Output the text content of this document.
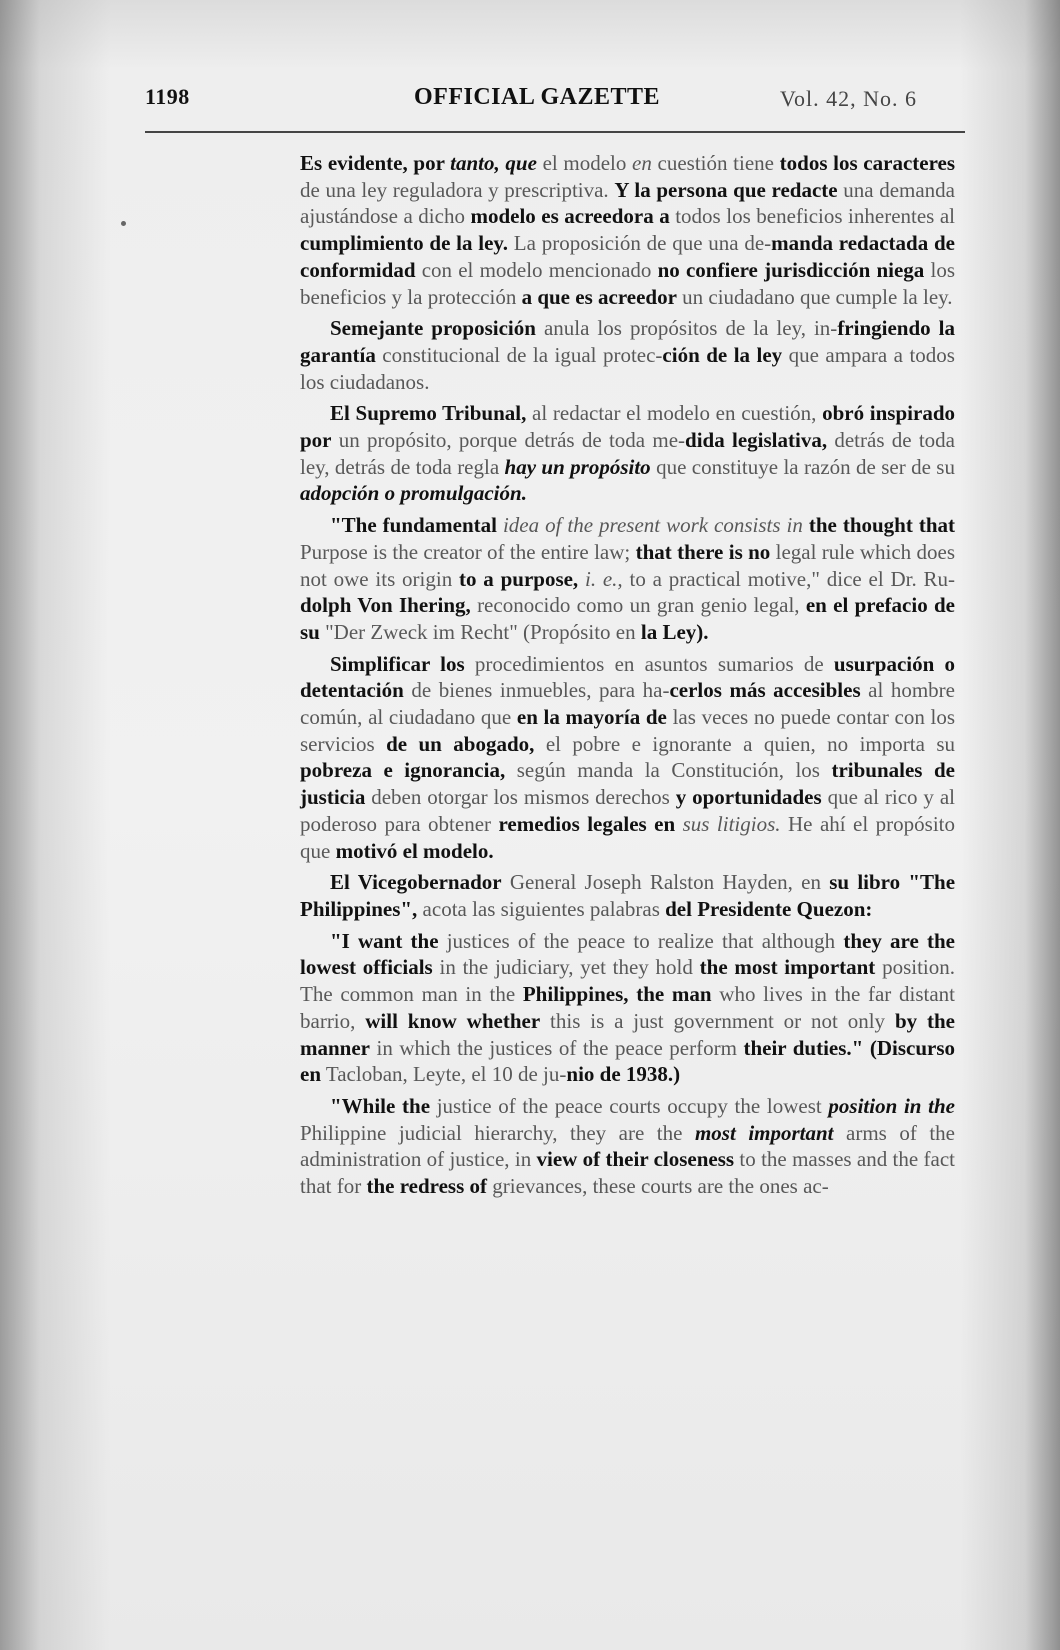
1198	OFFICIAL GAZETTE	Vol. 42, No. 6

Es evidente, por tanto, que el modelo en cuestión tiene todos los caracteres de una ley reguladora y prescriptiva. Y la persona que redacte una demanda ajustándose a dicho modelo es acreedora a todos los beneficios inherentes al cumplimiento de la ley. La proposición de que una de-manda redactada de conformidad con el modelo mencionado no confiere jurisdicción niega los beneficios y la protección a que es acreedor un ciudadano que cumple la ley.

Semejante proposición anula los propósitos de la ley, in-fringiendo la garantía constitucional de la igual protec-ción de la ley que ampara a todos los ciudadanos.

El Supremo Tribunal, al redactar el modelo en cuestión, obró inspirado por un propósito, porque detrás de toda me-dida legislativa, detrás de toda ley, detrás de toda regla hay un propósito que constituye la razón de ser de su adopción o promulgación.

"The fundamental idea of the present work consists in the thought that Purpose is the creator of the entire law; that there is no legal rule which does not owe its origin to a purpose, i. e., to a practical motive," dice el Dr. Ru-dolph Von Ihering, reconocido como un gran genio legal, en el prefacio de su "Der Zweck im Recht" (Propósito en la Ley).

Simplificar los procedimientos en asuntos sumarios de usurpación o detentación de bienes inmuebles, para ha-cerlos más accesibles al hombre común, al ciudadano que en la mayoría de las veces no puede contar con los servicios de un abogado, el pobre e ignorante a quien, no importa su pobreza e ignorancia, según manda la Constitución, los tribunales de justicia deben otorgar los mismos derechos y oportunidades que al rico y al poderoso para obtener remedios legales en sus litigios. He ahí el propósito que motivó el modelo.

El Vicegobernador General Joseph Ralston Hayden, en su libro "The Philippines", acota las siguientes palabras del Presidente Quezon:

"I want the justices of the peace to realize that although they are the lowest officials in the judiciary, yet they hold the most important position. The common man in the Philippines, the man who lives in the far distant barrio, will know whether this is a just government or not only by the manner in which the justices of the peace perform their duties." (Discurso en Tacloban, Leyte, el 10 de ju-nio de 1938.)

"While the justice of the peace courts occupy the lowest position in the Philippine judicial hierarchy, they are the most important arms of the administration of justice, in view of their closeness to the masses and the fact that for the redress of grievances, these courts are the ones ac-
